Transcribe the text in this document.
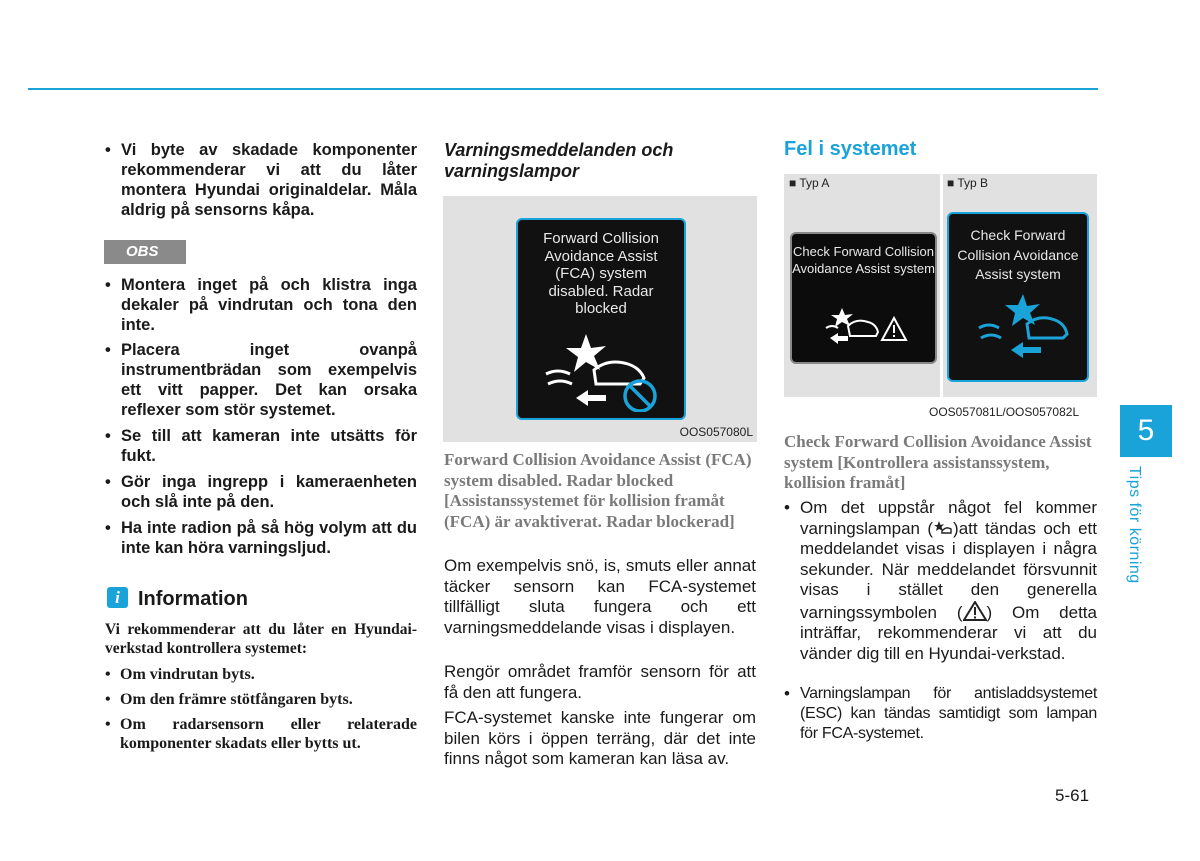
• Vi byte av skadade komponenter rekommenderar vi att du låter montera Hyundai originaldelar. Måla aldrig på sensorns kåpa.
OBS
• Montera inget på och klistra inga dekaler på vindrutan och tona den inte.
• Placera inget ovanpå instrumentbrädan som exempelvis ett vitt papper. Det kan orsaka reflexer som stör systemet.
• Se till att kameran inte utsätts för fukt.
• Gör inga ingrepp i kameraenheten och slå inte på den.
• Ha inte radion på så hög volym att du inte kan höra varningsljud.
i Information
Vi rekommenderar att du låter en Hyundai-verkstad kontrollera systemet:
• Om vindrutan byts.
• Om den främre stötfångaren byts.
• Om radarsensorn eller relaterade komponenter skadats eller bytts ut.
Varningsmeddelanden och varningslampor
Forward Collision Avoidance Assist (FCA) system disabled. Radar blocked
OOS057080L
Forward Collision Avoidance Assist (FCA) system disabled. Radar blocked [Assistanssystemet för kollision framåt (FCA) är avaktiverat. Radar blockerad]
Om exempelvis snö, is, smuts eller annat täcker sensorn kan FCA-systemet tillfälligt sluta fungera och ett varningsmeddelande visas i displayen.
Rengör området framför sensorn för att få den att fungera.
FCA-systemet kanske inte fungerar om bilen körs i öppen terräng, där det inte finns något som kameran kan läsa av.
Fel i systemet
■ Typ A	■ Typ B
Check Forward Collision Avoidance Assist system
Check Forward Collision Avoidance Assist system
OOS057081L/OOS057082L
Check Forward Collision Avoidance Assist system [Kontrollera assistanssystem, kollision framåt]
• Om det uppstår något fel kommer varningslampan ( )att tändas och ett meddelandet visas i displayen i några sekunder. När meddelandet försvunnit visas i stället den generella varningssymbolen ( ) Om detta inträffar, rekommenderar vi att du vänder dig till en Hyundai-verkstad.
• Varningslampan för antisladdsystemet (ESC) kan tändas samtidigt som lampan för FCA-systemet.
5
Tips för körning
5-61
